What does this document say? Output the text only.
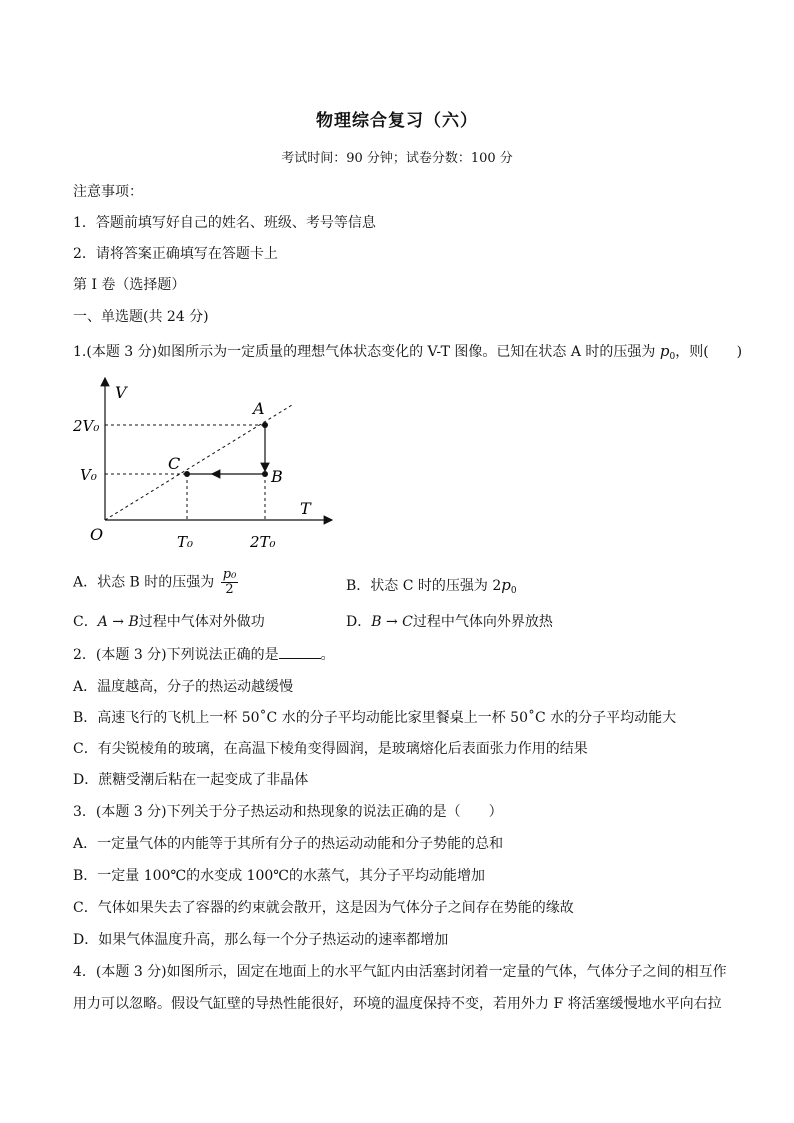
物理综合复习（六）
考试时间：90 分钟；试卷分数：100 分
注意事项：
1．答题前填写好自己的姓名、班级、考号等信息
2．请将答案正确填写在答题卡上
第 I 卷（选择题）
一、单选题(共 24 分)
1.(本题 3 分)如图所示为一定质量的理想气体状态变化的 V-T 图像。已知在状态 A 时的压强为 $p_0$，则(　　)
V
T
O
2V₀
V₀
T₀	2T₀
A
B
C
A．状态 B 时的压强为 $\frac{\text{p₀}}{2}$	B．状态 C 时的压强为 $2p_0$
C．A → B过程中气体对外做功	D．B → C过程中气体向外界放热
2．(本题 3 分)下列说法正确的是	。
A．温度越高，分子的热运动越缓慢
B．高速飞行的飞机上一杯 50˚C 水的分子平均动能比家里餐桌上一杯 50˚C 水的分子平均动能大
C．有尖锐棱角的玻璃，在高温下棱角变得圆润，是玻璃熔化后表面张力作用的结果
D．蔗糖受潮后粘在一起变成了非晶体
3．(本题 3 分)下列关于分子热运动和热现象的说法正确的是（　　）
A．一定量气体的内能等于其所有分子的热运动动能和分子势能的总和
B．一定量 100℃的水变成 100℃的水蒸气，其分子平均动能增加
C．气体如果失去了容器的约束就会散开，这是因为气体分子之间存在势能的缘故
D．如果气体温度升高，那么每一个分子热运动的速率都增加
4．(本题 3 分)如图所示，固定在地面上的水平气缸内由活塞封闭着一定量的气体，气体分子之间的相互作
用力可以忽略。假设气缸壁的导热性能很好，环境的温度保持不变，若用外力 F 将活塞缓慢地水平向右拉
